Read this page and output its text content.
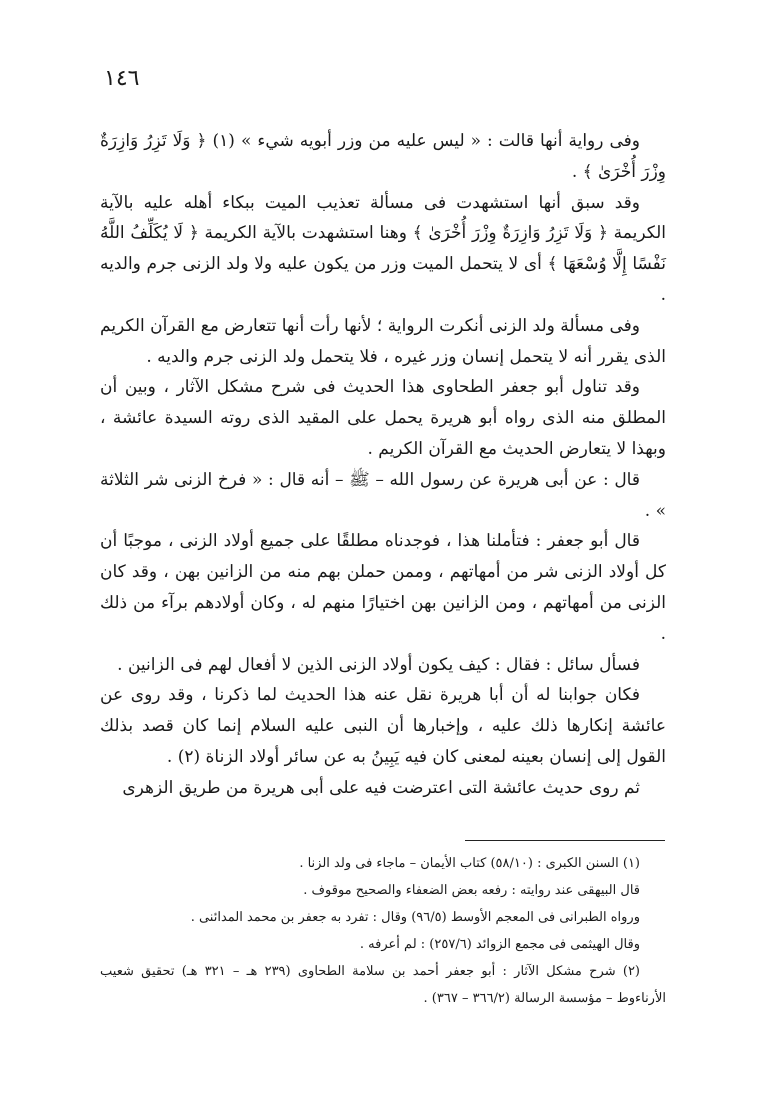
١٤٦

وفى رواية أنها قالت : « ليس عليه من وزر أبويه شيء » (١) ﴿ وَلَا تَزِرُ وَازِرَةٌ وِزْرَ أُخْرَىٰ ﴾ .

وقد سبق أنها استشهدت فى مسألة تعذيب الميت ببكاء أهله عليه بالآية الكريمة ﴿ وَلَا تَزِرُ وَازِرَةٌ وِزْرَ أُخْرَىٰ ﴾ وهنا استشهدت بالآية الكريمة ﴿ لَا يُكَلِّفُ اللَّهُ نَفْسًا إِلَّا وُسْعَهَا ﴾ أى لا يتحمل الميت وزر من يكون عليه ولا ولد الزنى جرم والديه .

وفى مسألة ولد الزنى أنكرت الرواية ؛ لأنها رأت أنها تتعارض مع القرآن الكريم الذى يقرر أنه لا يتحمل إنسان وزر غيره ، فلا يتحمل ولد الزنى جرم والديه .

وقد تناول أبو جعفر الطحاوى هذا الحديث فى شرح مشكل الآثار ، وبين أن المطلق منه الذى رواه أبو هريرة يحمل على المقيد الذى روته السيدة عائشة ، وبهذا لا يتعارض الحديث مع القرآن الكريم .

قال : عن أبى هريرة عن رسول الله – ﷺ – أنه قال : « فرخ الزنى شر الثلاثة » .

قال أبو جعفر : فتأملنا هذا ، فوجدناه مطلقًا على جميع أولاد الزنى ، موجبًا أن كل أولاد الزنى شر من أمهاتهم ، وممن حملن بهم منه من الزانين بهن ، وقد كان الزنى من أمهاتهم ، ومن الزانين بهن اختيارًا منهم له ، وكان أولادهم برآء من ذلك .

فسأل سائل : فقال : كيف يكون أولاد الزنى الذين لا أفعال لهم فى الزانين .

فكان جوابنا له أن أبا هريرة نقل عنه هذا الحديث لما ذكرنا ، وقد روى عن عائشة إنكارها ذلك عليه ، وإخبارها أن النبى عليه السلام إنما كان قصد بذلك القول إلى إنسان بعينه لمعنى كان فيه يَبِينُ به عن سائر أولاد الزناة (٢) .

ثم روى حديث عائشة التى اعترضت فيه على أبى هريرة من طريق الزهرى

(١) السنن الكبرى : (٥٨/١٠) كتاب الأيمان – ماجاء فى ولد الزنا .

قال البيهقى عند روايته : رفعه بعض الضعفاء والصحيح موقوف .

ورواه الطبرانى فى المعجم الأوسط (٩٦/٥) وقال : تفرد به جعفر بن محمد المدائنى .

وقال الهيثمى فى مجمع الزوائد (٢٥٧/٦) : لم أعرفه .

(٢) شرح مشكل الآثار : أبو جعفر أحمد بن سلامة الطحاوى (٢٣٩ هـ – ٣٢١ هـ) تحقيق شعيب الأرناءوط – مؤسسة الرسالة (٣٦٦/٢ – ٣٦٧) .
